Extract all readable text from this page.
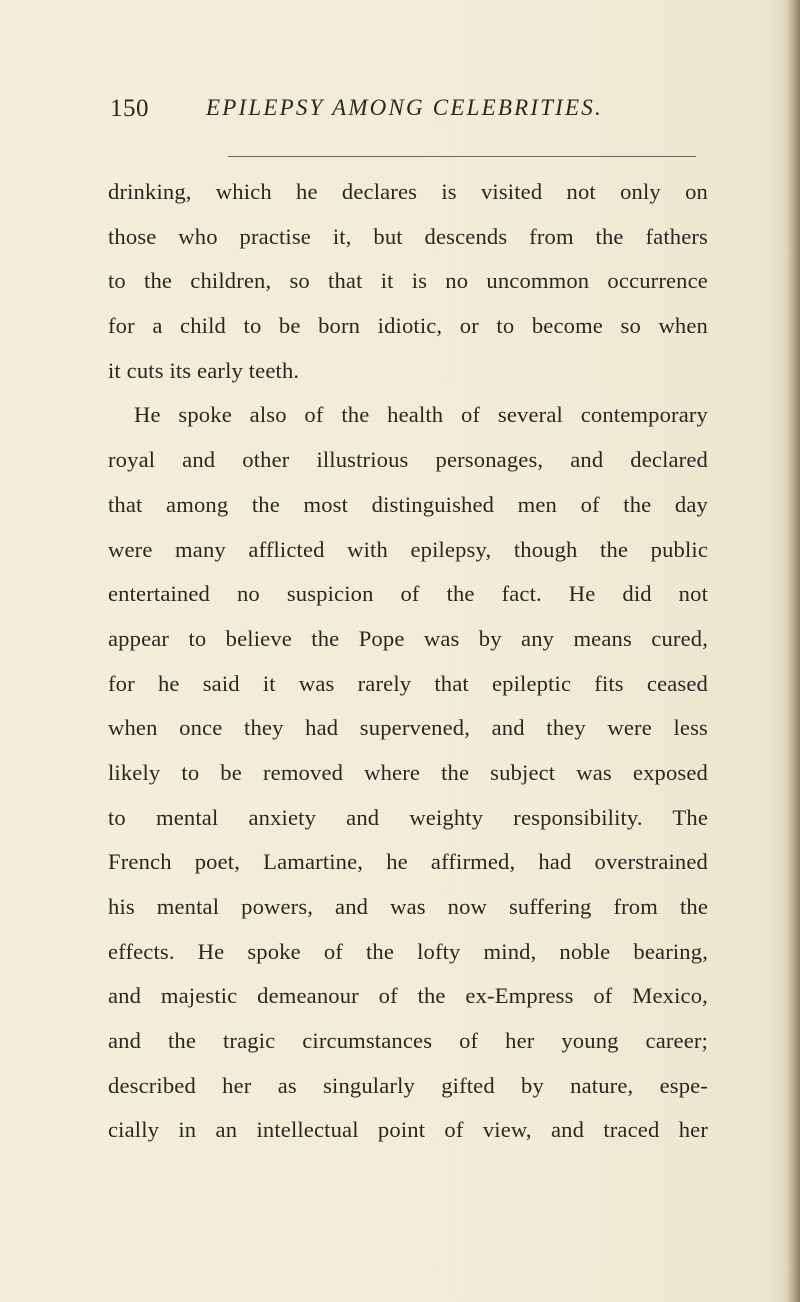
150 EPILEPSY AMONG CELEBRITIES.
drinking, which he declares is visited not only on
those who practise it, but descends from the fathers
to the children, so that it is no uncommon occurrence
for a child to be born idiotic, or to become so when
it cuts its early teeth.
He spoke also of the health of several contemporary
royal and other illustrious personages, and declared
that among the most distinguished men of the day
were many afflicted with epilepsy, though the public
entertained no suspicion of the fact. He did not
appear to believe the Pope was by any means cured,
for he said it was rarely that epileptic fits ceased
when once they had supervened, and they were less
likely to be removed where the subject was exposed
to mental anxiety and weighty responsibility. The
French poet, Lamartine, he affirmed, had overstrained
his mental powers, and was now suffering from the
effects. He spoke of the lofty mind, noble bearing,
and majestic demeanour of the ex-Empress of Mexico,
and the tragic circumstances of her young career;
described her as singularly gifted by nature, espe-
cially in an intellectual point of view, and traced her
